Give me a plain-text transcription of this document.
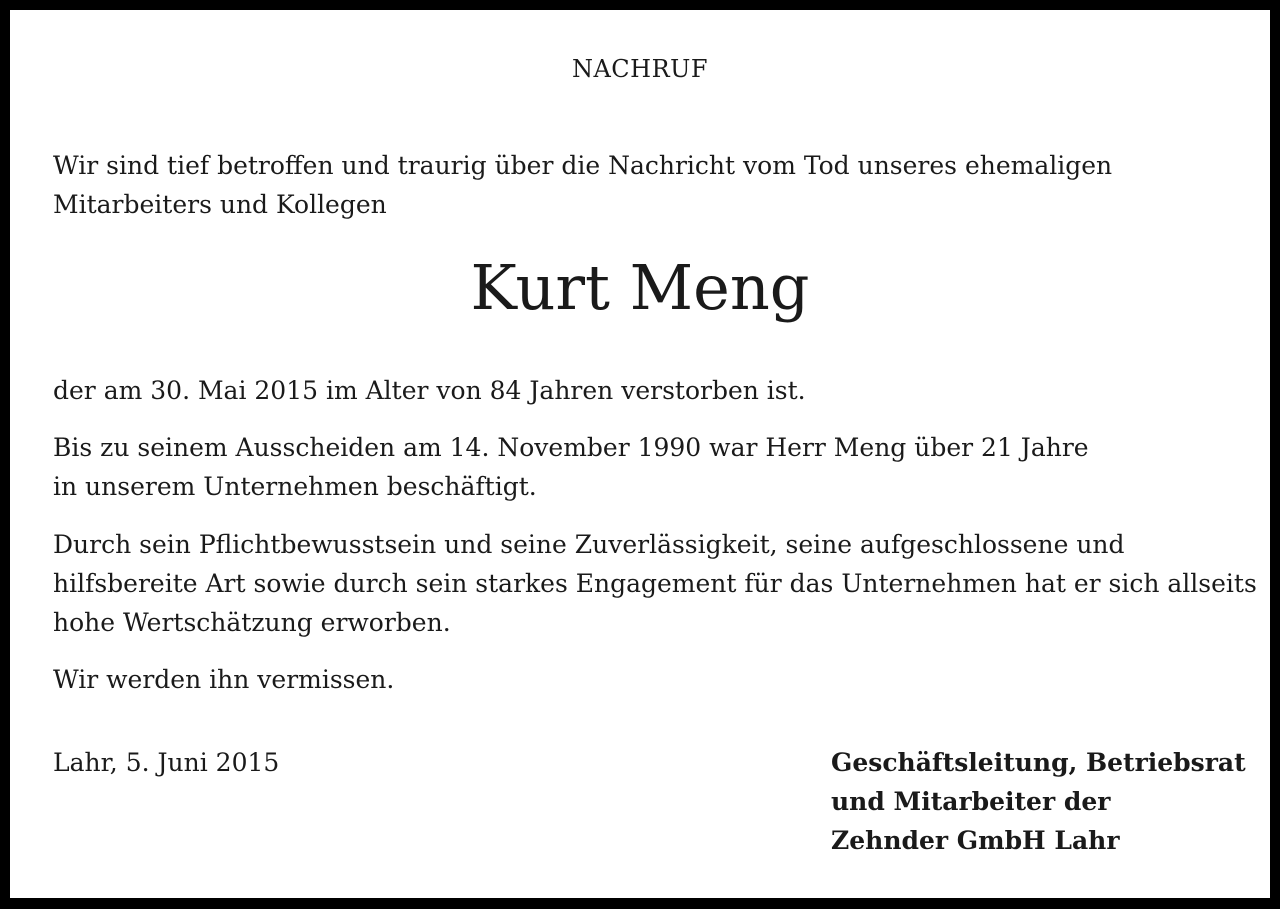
NACHRUF
Wir sind tief betroffen und traurig über die Nachricht vom Tod unseres ehemaligen
Mitarbeiters und Kollegen
Kurt Meng

der am 30. Mai 2015 im Alter von 84 Jahren verstorben ist.

Bis zu seinem Ausscheiden am 14. November 1990 war Herr Meng über 21 Jahre
in unserem Unternehmen beschäftigt.

Durch sein Pflichtbewusstsein und seine Zuverlässigkeit, seine aufgeschlossene und
hilfsbereite Art sowie durch sein starkes Engagement für das Unternehmen hat er sich allseits
hohe Wertschätzung erworben.

Wir werden ihn vermissen.

Lahr, 5. Juni 2015	Geschäftsleitung, Betriebsrat
und Mitarbeiter der
Zehnder GmbH Lahr
